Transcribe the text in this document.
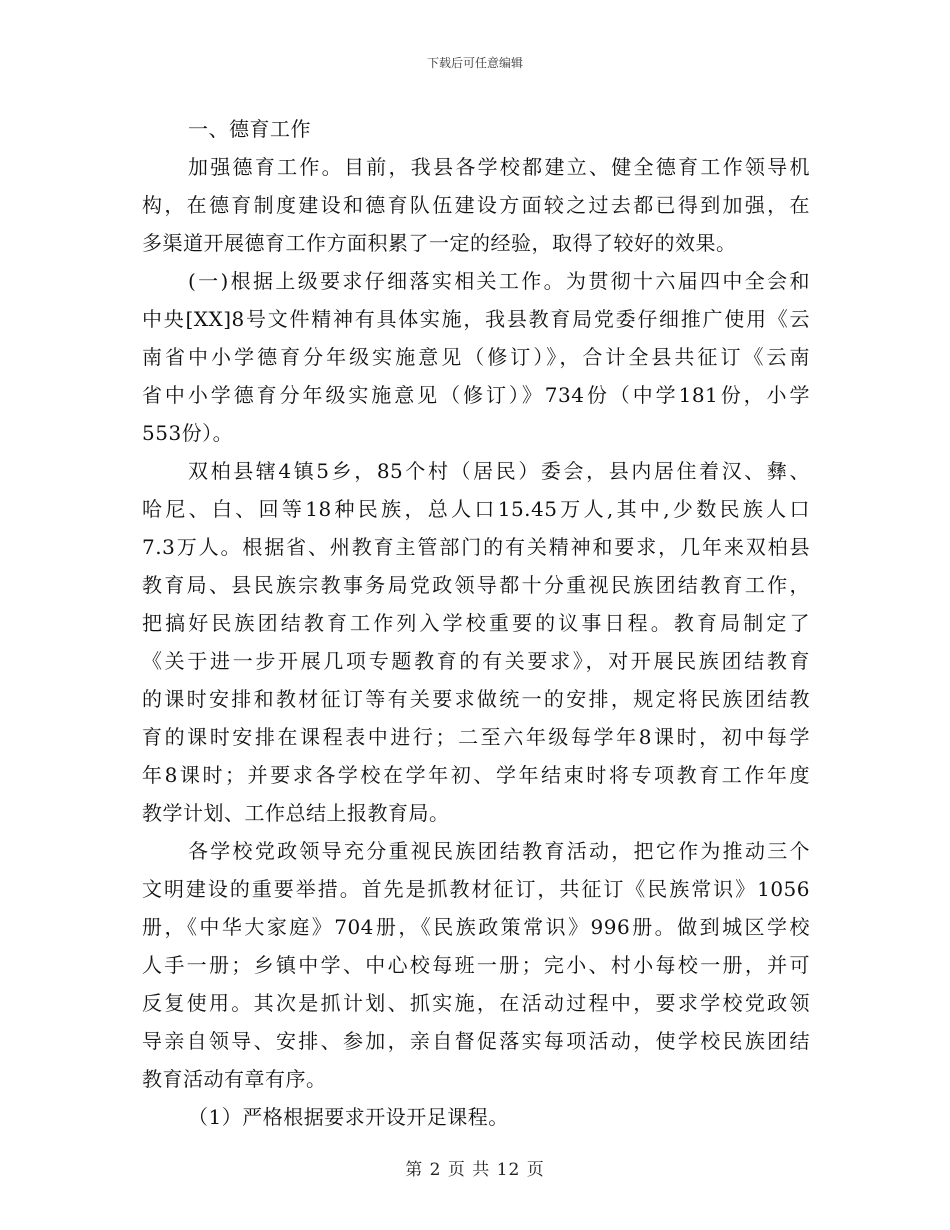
下载后可任意编辑
一、德育工作
加强德育工作。目前，我县各学校都建立、健全德育工作领导机
构，在德育制度建设和德育队伍建设方面较之过去都已得到加强，在
多渠道开展德育工作方面积累了一定的经验，取得了较好的效果。
(一)根据上级要求仔细落实相关工作。为贯彻十六届四中全会和
中央[XX]8号文件精神有具体实施，我县教育局党委仔细推广使用《云
南省中小学德育分年级实施意见（修订）》，合计全县共征订《云南
省中小学德育分年级实施意见（修订）》734份（中学181份，小学
553份）。
双柏县辖4镇5乡，85个村（居民）委会，县内居住着汉、彝、
哈尼、白、回等18种民族，总人口15.45万人,其中,少数民族人口
7.3万人。根据省、州教育主管部门的有关精神和要求，几年来双柏县
教育局、县民族宗教事务局党政领导都十分重视民族团结教育工作，
把搞好民族团结教育工作列入学校重要的议事日程。教育局制定了
《关于进一步开展几项专题教育的有关要求》，对开展民族团结教育
的课时安排和教材征订等有关要求做统一的安排，规定将民族团结教
育的课时安排在课程表中进行；二至六年级每学年8课时，初中每学
年8课时；并要求各学校在学年初、学年结束时将专项教育工作年度
教学计划、工作总结上报教育局。
各学校党政领导充分重视民族团结教育活动，把它作为推动三个
文明建设的重要举措。首先是抓教材征订，共征订《民族常识》1056
册，《中华大家庭》704册，《民族政策常识》996册。做到城区学校
人手一册；乡镇中学、中心校每班一册；完小、村小每校一册，并可
反复使用。其次是抓计划、抓实施，在活动过程中，要求学校党政领
导亲自领导、安排、参加，亲自督促落实每项活动，使学校民族团结
教育活动有章有序。
（1）严格根据要求开设开足课程。
第 2 页 共 12 页
